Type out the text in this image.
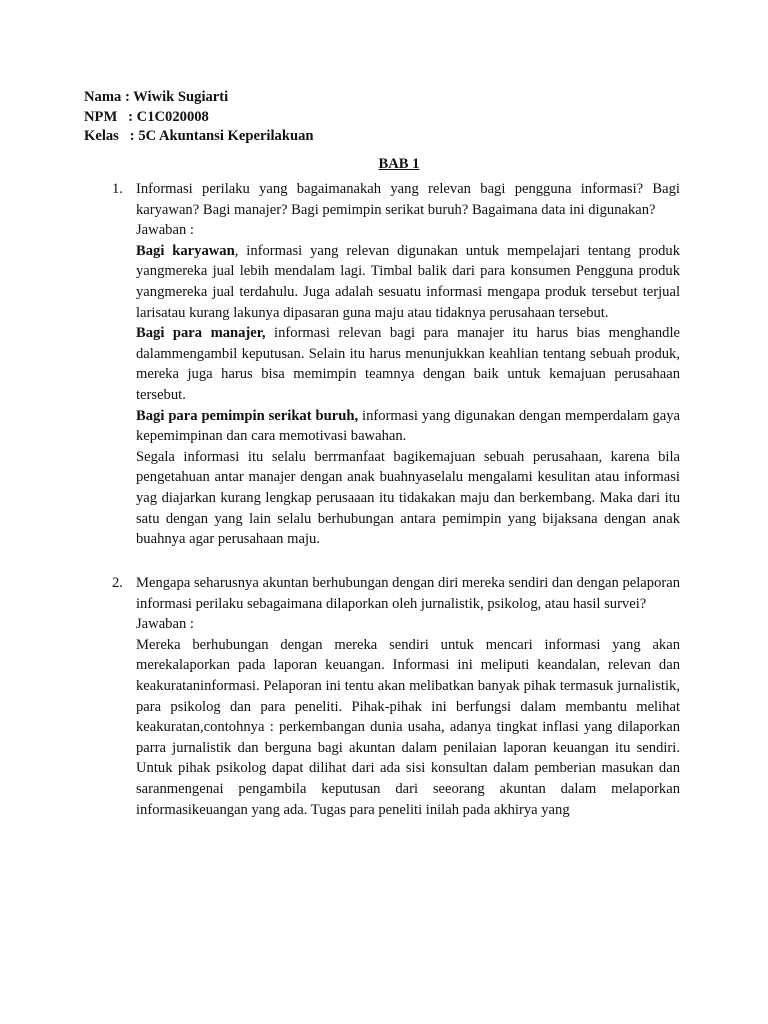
Nama : Wiwik Sugiarti
NPM   : C1C020008
Kelas   : 5C Akuntansi Keperilakuan
BAB 1
1. Informasi perilaku yang bagaimanakah yang relevan bagi pengguna informasi? Bagi karyawan? Bagi manajer? Bagi pemimpin serikat buruh? Bagaimana data ini digunakan?

Jawaban :

Bagi karyawan, informasi yang relevan digunakan untuk mempelajari tentang produk yangmereka jual lebih mendalam lagi. Timbal balik dari para konsumen Pengguna produk yangmereka jual terdahulu. Juga adalah sesuatu informasi mengapa produk tersebut terjual larisatau kurang lakunya dipasaran guna maju atau tidaknya perusahaan tersebut.

Bagi para manajer, informasi relevan bagi para manajer itu harus bias menghandle dalammengambil keputusan. Selain itu harus menunjukkan keahlian tentang sebuah produk, mereka juga harus bisa memimpin teamnya dengan baik untuk kemajuan perusahaan tersebut.

Bagi para pemimpin serikat buruh, informasi yang digunakan dengan memperdalam gaya kepemimpinan dan cara memotivasi bawahan.

Segala informasi itu selalu berrmanfaat bagikemajuan sebuah perusahaan, karena bila pengetahuan antar manajer dengan anak buahnyaselalu mengalami kesulitan atau informasi yag diajarkan kurang lengkap perusaaan itu tidakakan maju dan berkembang. Maka dari itu satu dengan yang lain selalu berhubungan antara pemimpin yang bijaksana dengan anak buahnya agar perusahaan maju.

2. Mengapa seharusnya akuntan berhubungan dengan diri mereka sendiri dan dengan pelaporan informasi perilaku sebagaimana dilaporkan oleh jurnalistik, psikolog, atau hasil survei?

Jawaban :

Mereka berhubungan dengan mereka sendiri untuk mencari informasi yang akan merekalaporkan pada laporan keuangan. Informasi ini meliputi keandalan, relevan dan keakurataninformasi. Pelaporan ini tentu akan melibatkan banyak pihak termasuk jurnalistik, para psikolog dan para peneliti. Pihak-pihak ini berfungsi dalam membantu melihat keakuratan,contohnya : perkembangan dunia usaha, adanya tingkat inflasi yang dilaporkan parra jurnalistik dan berguna bagi akuntan dalam penilaian laporan keuangan itu sendiri. Untuk pihak psikolog dapat dilihat dari ada sisi konsultan dalam pemberian masukan dan saranmengenai pengambila keputusan dari seeorang akuntan dalam melaporkan informasikeuangan yang ada. Tugas para peneliti inilah pada akhirya yang
